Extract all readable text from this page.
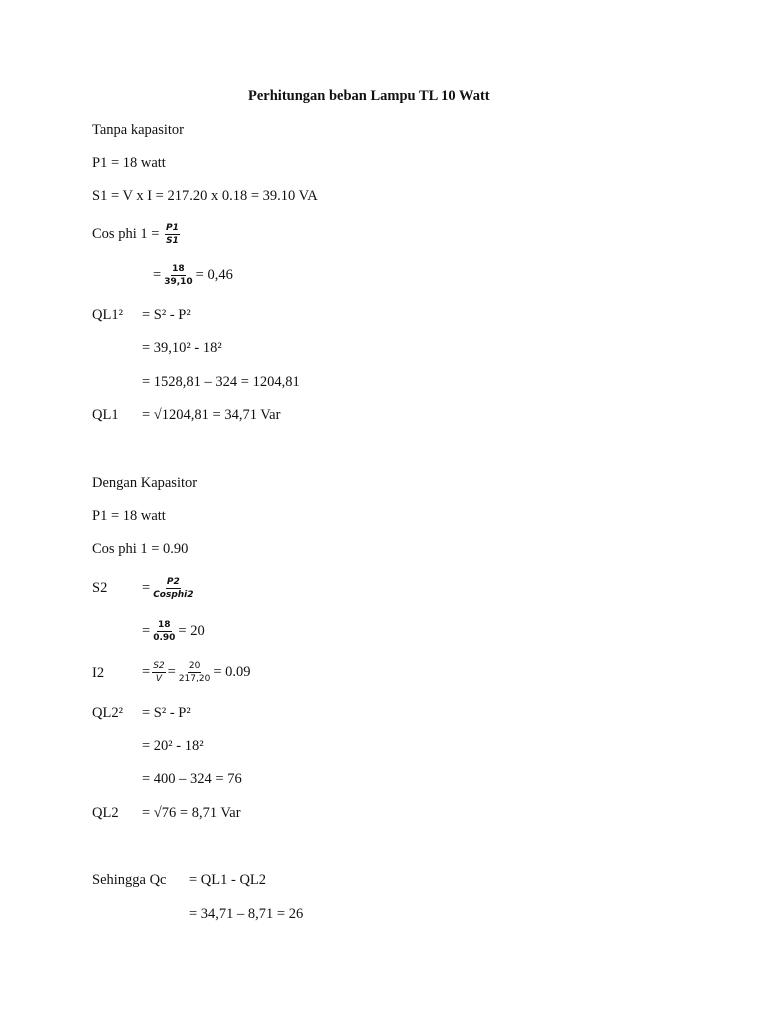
Perhitungan beban Lampu TL 10 Watt
Tanpa kapasitor
P1 = 18 watt
S1 = V x I = 217.20 x 0.18 = 39.10 VA
Cos phi $1 = \frac{P1}{S1}$
= $\frac{18}{39,10} = 0,46$
QL1² = S² - P²
= 39,10² - 18²
= 1528,81 – 324 = 1204,81
QL1 = √1204,81 = 34,71 Var
Dengan Kapasitor
P1 = 18 watt
Cos phi 1 = 0.90
$S2 = \frac{P2}{\text{Cosphi2}}$
= $\frac{18}{0.90} = 20$
I2	= $\frac{S2}{V} = \frac{20}{217,20} = 0.09$
QL2² = S² - P²
= 20² - 18²
= 400 – 324 = 76
QL2 = √76 = 8,71 Var
Sehingga Qc = QL1 - QL2
= 34,71 – 8,71 = 26
